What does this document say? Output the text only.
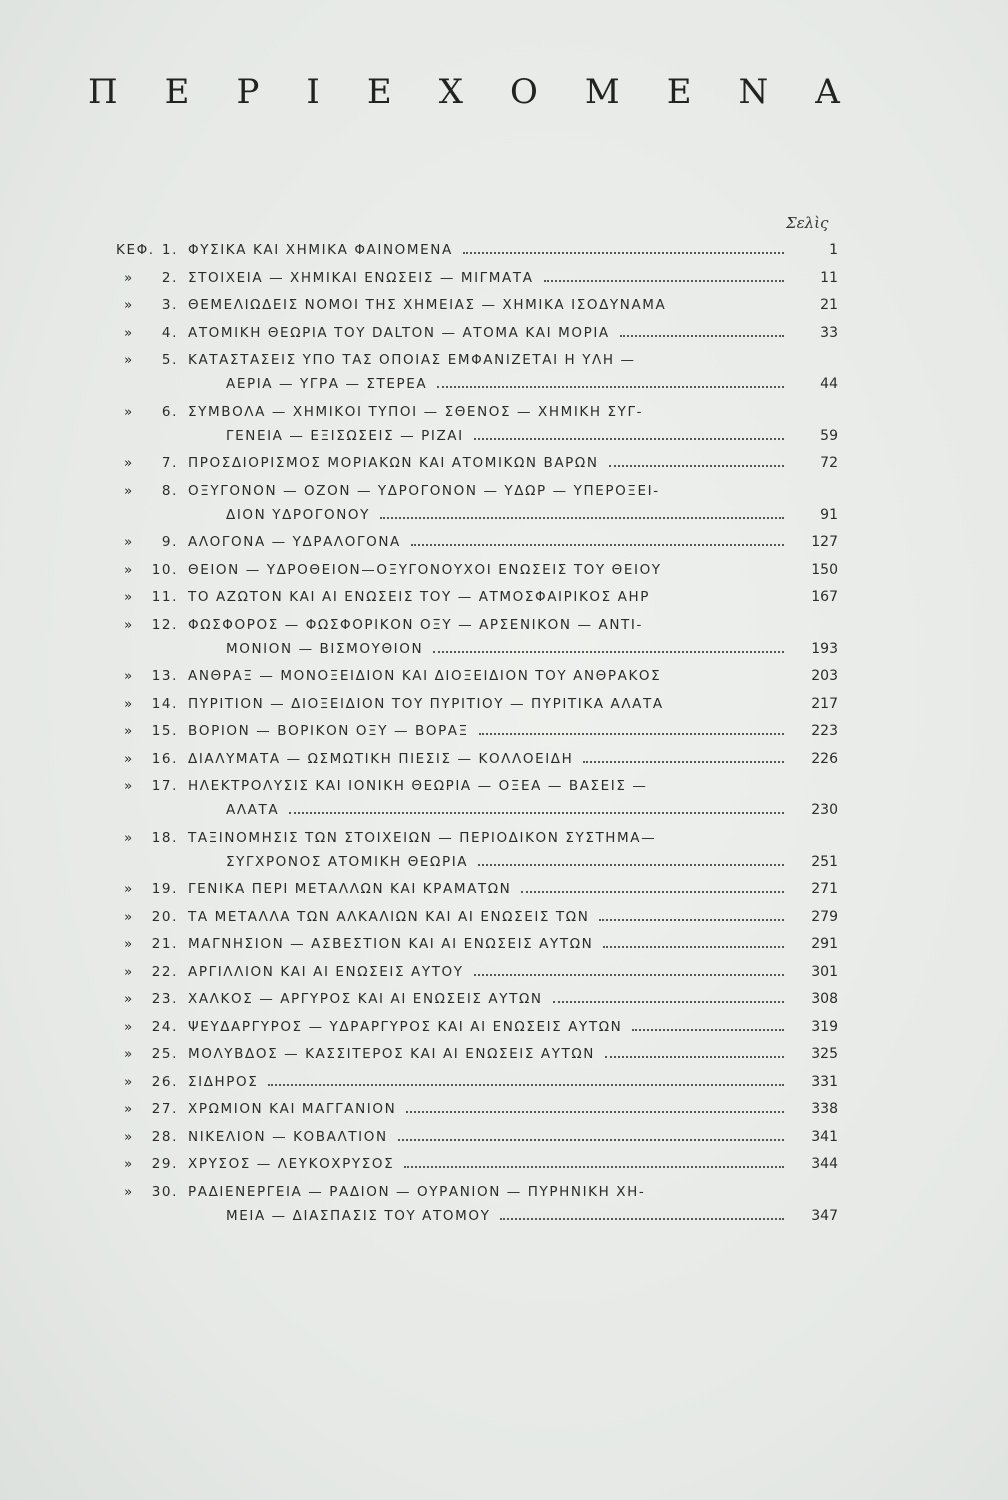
Π Ε Ρ Ι Ε Χ Ο Μ Ε Ν Α
Σελὶς
ΚΕΦ. 1. ΦΥΣΙΚΑ ΚΑΙ ΧΗΜΙΚΑ ΦΑΙΝΟΜΕΝΑ	1
»	2. ΣΤΟΙΧΕΙΑ — ΧΗΜΙΚΑΙ ΕΝΩΣΕΙΣ — ΜΙΓΜΑΤΑ	11
»	3. ΘΕΜΕΛΙΩΔΕΙΣ ΝΟΜΟΙ ΤΗΣ ΧΗΜΕΙΑΣ — ΧΗΜΙΚΑ ΙΣΟΔΥΝΑΜΑ	21
»	4. ΑΤΟΜΙΚΗ ΘΕΩΡΙΑ ΤΟΥ DALTON — ΑΤΟΜΑ ΚΑΙ ΜΟΡΙΑ	33
»	5. ΚΑΤΑΣΤΑΣΕΙΣ ΥΠΟ ΤΑΣ ΟΠΟΙΑΣ ΕΜΦΑΝΙΖΕΤΑΙ Η ΥΛΗ —
ΑΕΡΙΑ — ΥΓΡΑ — ΣΤΕΡΕΑ	44
»	6. ΣΥΜΒΟΛΑ — ΧΗΜΙΚΟΙ ΤΥΠΟΙ — ΣΘΕΝΟΣ — ΧΗΜΙΚΗ ΣΥΓ-
ΓΕΝΕΙΑ — ΕΞΙΣΩΣΕΙΣ — ΡΙΖΑΙ	59
»	7. ΠΡΟΣΔΙΟΡΙΣΜΟΣ ΜΟΡΙΑΚΩΝ ΚΑΙ ΑΤΟΜΙΚΩΝ ΒΑΡΩΝ	72
»	8. ΟΞΥΓΟΝΟΝ — ΟΖΟΝ — ΥΔΡΟΓΟΝΟΝ — ΥΔΩΡ — ΥΠΕΡΟΞΕΙ-
ΔΙΟΝ ΥΔΡΟΓΟΝΟΥ	91
»	9. ΑΛΟΓΟΝΑ — ΥΔΡΑΛΟΓΟΝΑ	127
»	10. ΘΕΙΟΝ — ΥΔΡΟΘΕΙΟΝ—ΟΞΥΓΟΝΟΥΧΟΙ ΕΝΩΣΕΙΣ ΤΟΥ ΘΕΙΟΥ	150
»	11. ΤΟ ΑΖΩΤΟΝ ΚΑΙ ΑΙ ΕΝΩΣΕΙΣ ΤΟΥ — ΑΤΜΟΣΦΑΙΡΙΚΟΣ ΑΗΡ	167
»	12. ΦΩΣΦΟΡΟΣ — ΦΩΣΦΟΡΙΚΟΝ ΟΞΥ — ΑΡΣΕΝΙΚΟΝ — ΑΝΤΙ-
ΜΟΝΙΟΝ — ΒΙΣΜΟΥΘΙΟΝ	193
»	13. ΑΝΘΡΑΞ — ΜΟΝΟΞΕΙΔΙΟΝ ΚΑΙ ΔΙΟΞΕΙΔΙΟΝ ΤΟΥ ΑΝΘΡΑΚΟΣ	203
»	14. ΠΥΡΙΤΙΟΝ — ΔΙΟΞΕΙΔΙΟΝ ΤΟΥ ΠΥΡΙΤΙΟΥ — ΠΥΡΙΤΙΚΑ ΑΛΑΤΑ	217
»	15. ΒΟΡΙΟΝ — ΒΟΡΙΚΟΝ ΟΞΥ — ΒΟΡΑΞ	223
»	16. ΔΙΑΛΥΜΑΤΑ — ΩΣΜΩΤΙΚΗ ΠΙΕΣΙΣ — ΚΟΛΛΟΕΙΔΗ	226
»	17. ΗΛΕΚΤΡΟΛΥΣΙΣ ΚΑΙ ΙΟΝΙΚΗ ΘΕΩΡΙΑ — ΟΞΕΑ — ΒΑΣΕΙΣ —
ΑΛΑΤΑ	230
»	18. ΤΑΞΙΝΟΜΗΣΙΣ ΤΩΝ ΣΤΟΙΧΕΙΩΝ — ΠΕΡΙΟΔΙΚΟΝ ΣΥΣΤΗΜΑ—
ΣΥΓΧΡΟΝΟΣ ΑΤΟΜΙΚΗ ΘΕΩΡΙΑ	251
»	19. ΓΕΝΙΚΑ ΠΕΡΙ ΜΕΤΑΛΛΩΝ ΚΑΙ ΚΡΑΜΑΤΩΝ	271
»	20. ΤΑ ΜΕΤΑΛΛΑ ΤΩΝ ΑΛΚΑΛΙΩΝ ΚΑΙ ΑΙ ΕΝΩΣΕΙΣ ΤΩΝ	279
»	21. ΜΑΓΝΗΣΙΟΝ — ΑΣΒΕΣΤΙΟΝ ΚΑΙ ΑΙ ΕΝΩΣΕΙΣ ΑΥΤΩΝ	291
»	22. ΑΡΓΙΛΛΙΟΝ ΚΑΙ ΑΙ ΕΝΩΣΕΙΣ ΑΥΤΟΥ	301
»	23. ΧΑΛΚΟΣ — ΑΡΓΥΡΟΣ ΚΑΙ ΑΙ ΕΝΩΣΕΙΣ ΑΥΤΩΝ	308
»	24. ΨΕΥΔΑΡΓΥΡΟΣ — ΥΔΡΑΡΓΥΡΟΣ ΚΑΙ ΑΙ ΕΝΩΣΕΙΣ ΑΥΤΩΝ	319
»	25. ΜΟΛΥΒΔΟΣ — ΚΑΣΣΙΤΕΡΟΣ ΚΑΙ ΑΙ ΕΝΩΣΕΙΣ ΑΥΤΩΝ	325
»	26. ΣΙΔΗΡΟΣ	331
»	27. ΧΡΩΜΙΟΝ ΚΑΙ ΜΑΓΓΑΝΙΟΝ	338
»	28. ΝΙΚΕΛΙΟΝ — ΚΟΒΑΛΤΙΟΝ	341
»	29. ΧΡΥΣΟΣ — ΛΕΥΚΟΧΡΥΣΟΣ	344
»	30. ΡΑΔΙΕΝΕΡΓΕΙΑ — ΡΑΔΙΟΝ — ΟΥΡΑΝΙΟΝ — ΠΥΡΗΝΙΚΗ ΧΗ-
ΜΕΙΑ — ΔΙΑΣΠΑΣΙΣ ΤΟΥ ΑΤΟΜΟΥ	347
